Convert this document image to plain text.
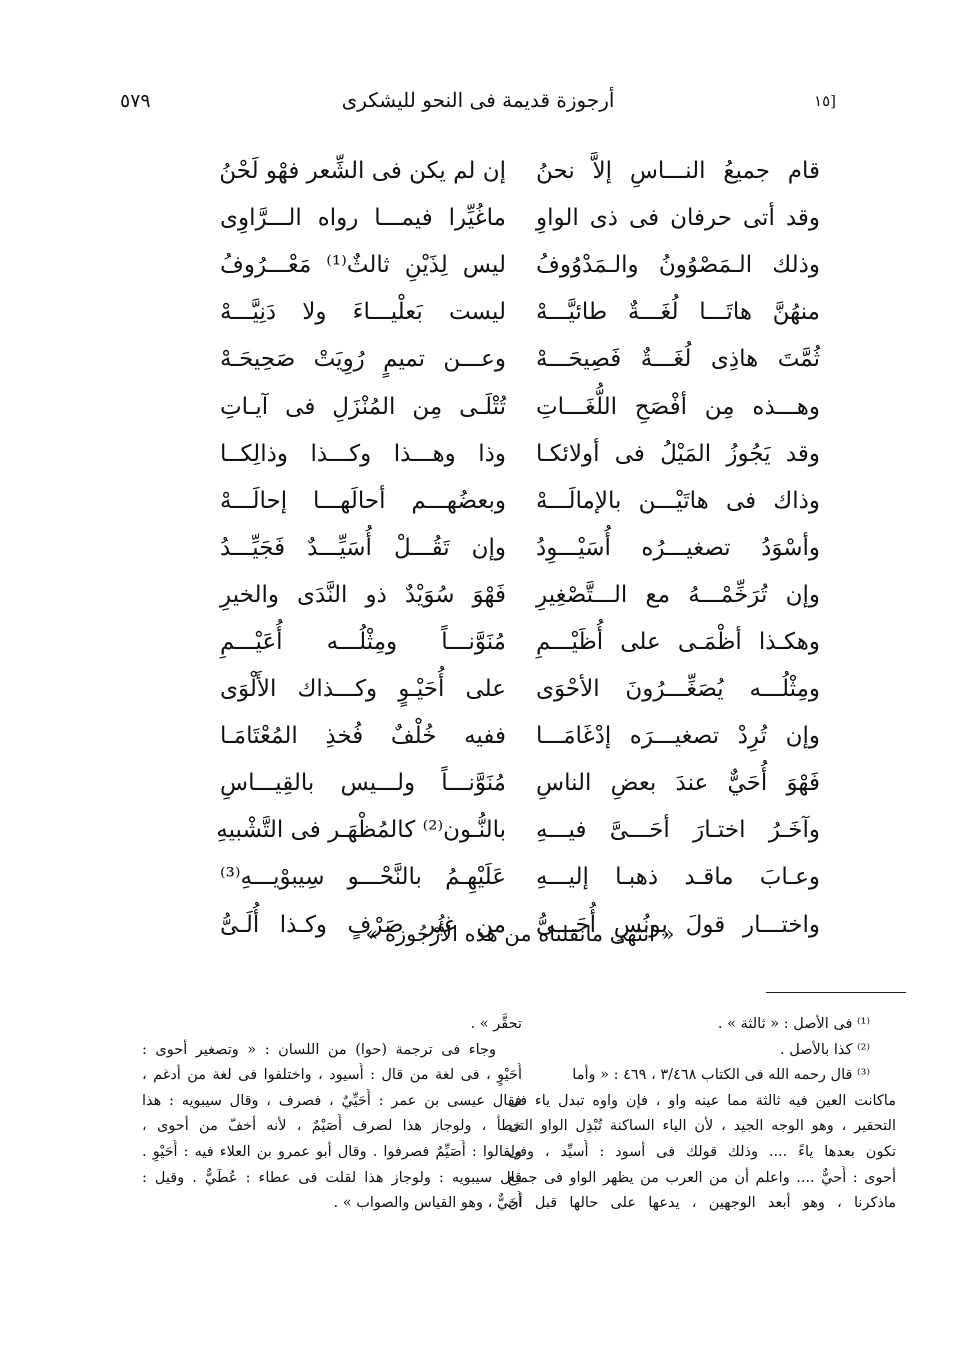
[١٥
أرجوزة قديمة فى النحو لليشكرى
٥٧٩
قام جميعُ النـــاسِ إلاَّ نحنُ
إن لم يكن فى الشِّعر فهْو لَحْنُ
وقد أتى حرفان فى ذى الواوِ
ماغُيِّرا فيمـــا رواه الـــرَّاوِى
وذلك الـمَصْوُونُ والـمَدْوُوفُ
ليس لِذَيْنِ ثالثٌ⁽¹⁾ مَعْـــرُوفُ
منهُنَّ هاتَـــا لُغَـــةٌ طائيَّـــهْ
ليست بَعلْيـــاءَ ولا دَنِيَّـــهْ
ثُمَّتَ هاذِى لُغَـــةٌ فَصِيحَـــهْ
وعـــن تميمٍ رُوِيَتْ صَحِيحَـهْ
وهـــذه مِن أفْصَحِ اللُّغَـــاتِ
تُتْلَـى مِن المُنْزَلِ فى آيـاتِ
وقد يَجُوزُ المَيْلُ فى أولائكـا
وذا وهـــذا وكـــذا وذالِكــا
وذاك فى هاتَيْـــن بالإمالَـــهْ
وبعضُهـــم أحالَهـــا إحالَـــهْ
وأسْوَدُ تصغيـــرُه أُسَيْـــوِدُ
وإن تَقُـــلْ أُسَيِّـــدٌ فَجَيِّـــدُ
وإن تُرَخِّمْـــهُ مع الـــتَّصْغِيرِ
فَهْوَ سُوَيْدٌ ذو النَّدَى والخيرِ
وهكـذا أظْمَـى على أُظَيْـــمِ
مُنَوَّنـــاً ومِثْلُـــه أُعَيْـــمِ
ومِثْلُـــه يُصَغِّـــرُونَ الأحْوَى
على أُحَيْـوٍ وكـــذاك الأَلْوَى
وإن تُرِدْ تصغيـــرَه إدْغَامَـــا
ففيه خُلْفٌ فُخذِ المُعْتَامَـا
فَهْوَ أُحَيٌّ عندَ بعضِ الناسِ
مُنَوَّنـــاً ولـــيس بالقِيـــاسِ
وآخَـرُ اختـارَ أحَـــىَّ فيـــهِ
بالنُّـون⁽²⁾ كالمُظْهَـر فى التَّشْبيهِ
وعـابَ ماقـد ذهبـا إليـــهِ
عَلَيْهِـمُ بالنَّحْـــو سِيبوْيـــهِ⁽³⁾
واختـــار قولَ يونُسٍ أُحَـــىُّ
من غير صَرْفٍ وكـذا أُلَـىُّ
« انتهى مانقلناه من هذه الأُرْجُوزة »
⁽¹⁾ فى الأصل : « ثالثة » .
⁽²⁾ كذا بالأصل .
⁽³⁾ قال رحمه الله فى الكتاب ٣/٤٦٨ ، ٤٦٩ : « وأما
ماكانت العين فيه ثالثة مما عينه واو ، فإن واوه تبدل ياء فى
التحقير ، وهو الوجه الجيد ، لأن الياء الساكنة تُبْدِل الواو التى
تكون بعدها ياءً .... وذلك قولك فى أسود : أُسيِّد ، وفى
أحوى : أُحيٌّ .... واعلم أن من العرب من يظهر الواو فى جميع
ماذكرنا ، وهو أبعد الوجهين ، يدعها على حالها قبل أن
تحقَّر » .
وجاء فى ترجمة (حوا) من اللسان : « وتصغير أحوى :
أُحَيْوٍ ، فى لغة من قال : أُسيود ، واختلفوا فى لغة من أدغم ،
فقال عيسى بن عمر : أُحَيِّيٌ ، فصرف ، وقال سيبويه : هذا
خطأٌ ، ولوجاز هذا لصرف أُصَيْمٌ ، لأنه أخفّ من أحوى ،
ولقالوا : أُصَيِّمٌ فصرفوا . وقال أبو عمرو بن العلاء فيه : أُحَيْوِ .
قال سيبويه : ولوجاز هذا لقلت فى عطاء : عُطَيٌّ . وقيل :
أُحَيٌّ ، وهو القياس والصواب » .
